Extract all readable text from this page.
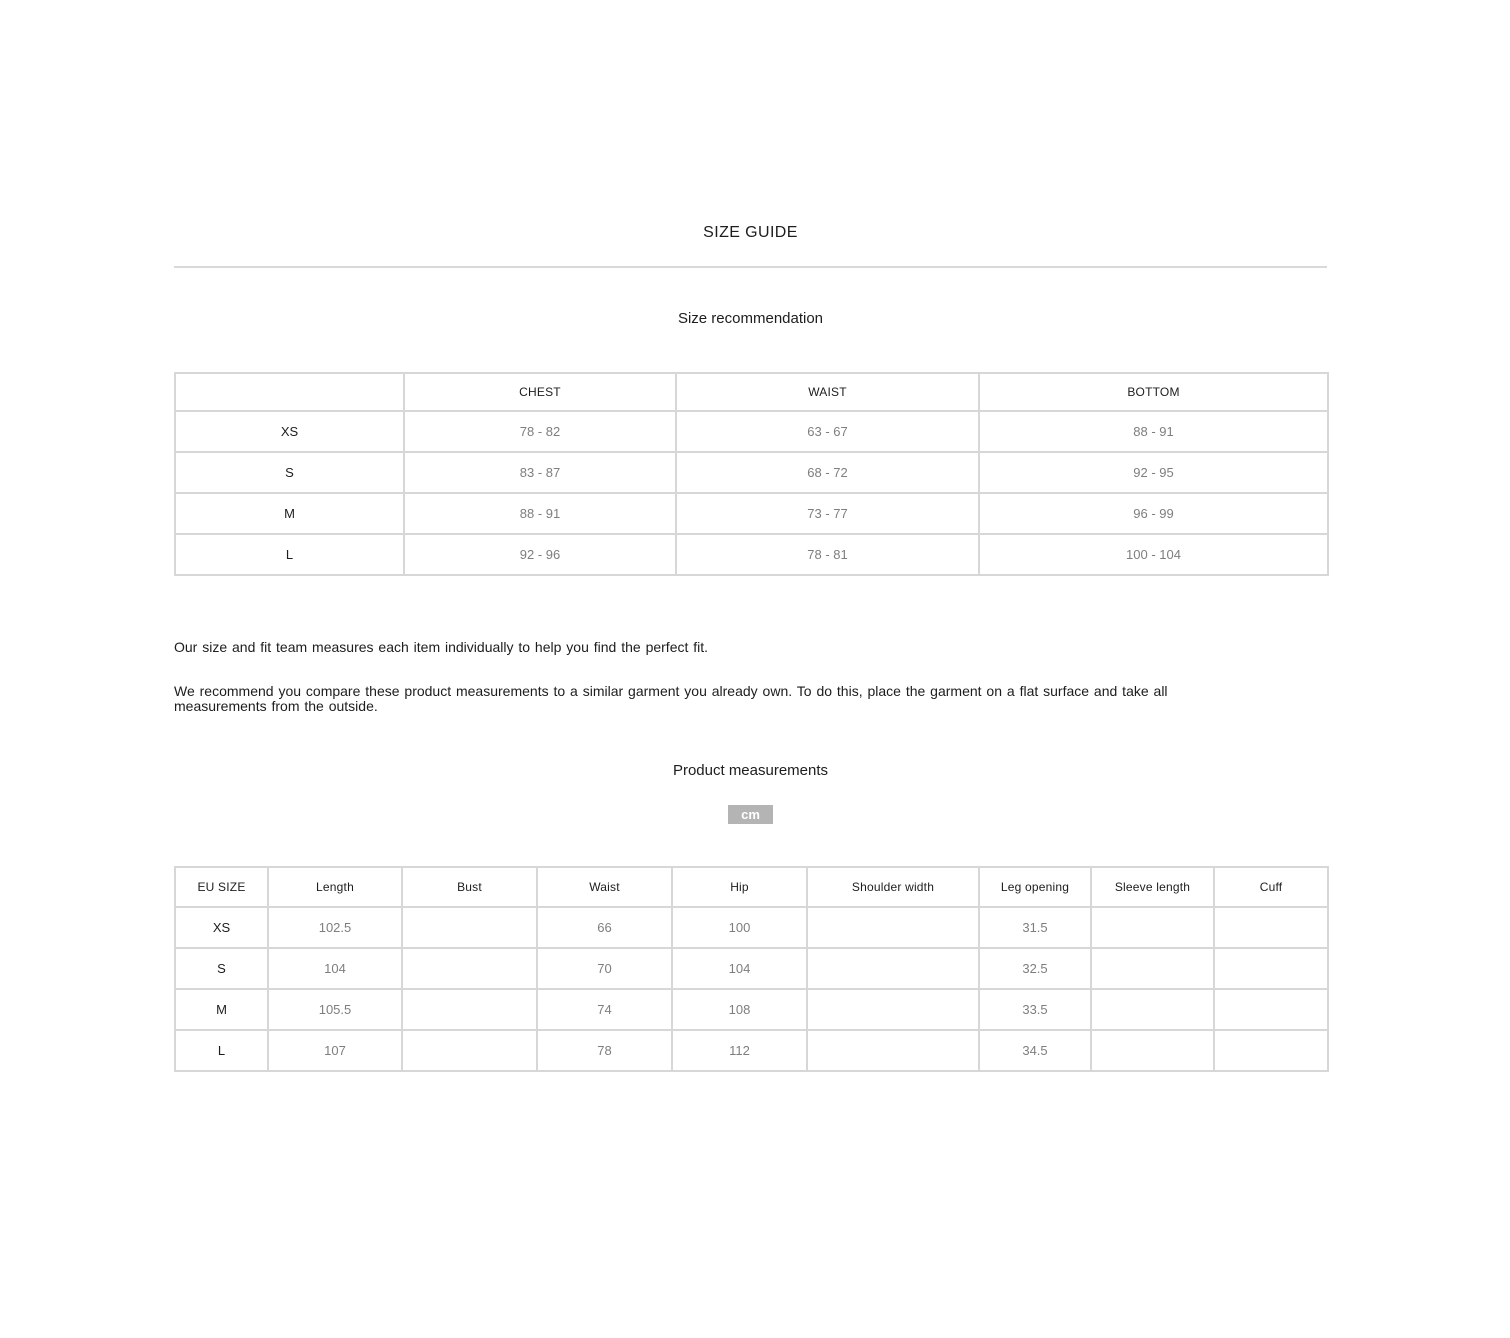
SIZE GUIDE
Size recommendation
	CHEST	WAIST	BOTTOM
XS	78 - 82	63 - 67	88 - 91
S	83 - 87	68 - 72	92 - 95
M	88 - 91	73 - 77	96 - 99
L	92 - 96	78 - 81	100 - 104

Our size and fit team measures each item individually to help you find the perfect fit.

We recommend you compare these product measurements to a similar garment you already own. To do this, place the garment on a flat surface and take all measurements from the outside.

Product measurements
cm
EU SIZE	Length	Bust	Waist	Hip	Shoulder width	Leg opening	Sleeve length	Cuff
XS	102.5		66	100		31.5		
S	104		70	104		32.5		
M	105.5		74	108		33.5		
L	107		78	112		34.5		
